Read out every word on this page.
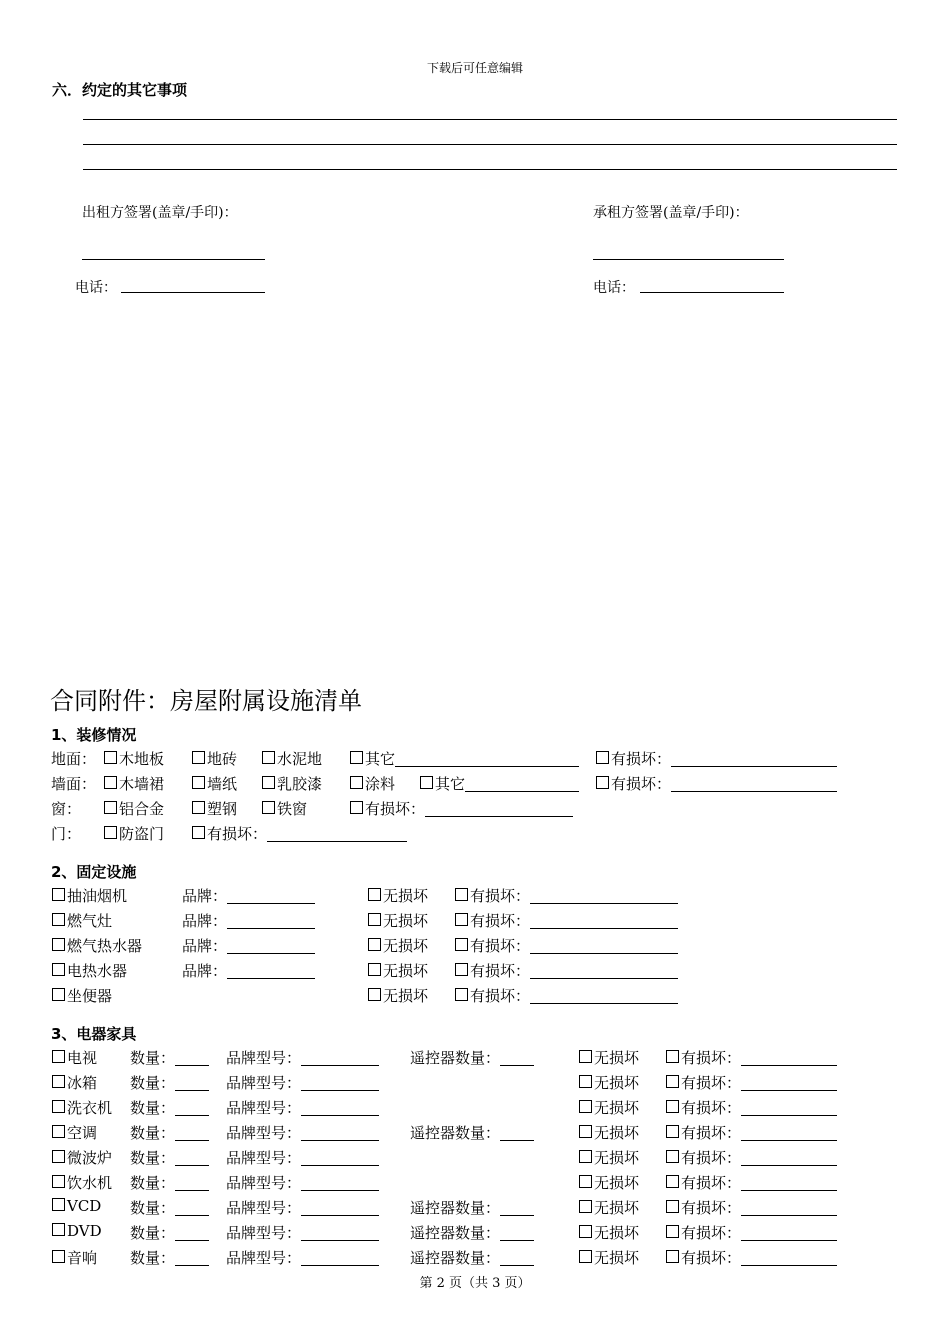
下载后可任意编辑
六．约定的其它事项
出租方签署(盖章/手印)：	承租方签署(盖章/手印)：
电话：	电话：
合同附件：房屋附属设施清单
1、装修情况
地面：	木地板	地砖	水泥地	其它	有损坏：
墙面：	木墙裙	墙纸	乳胶漆	涂料	其它	有损坏：
窗：	铝合金	塑钢	铁窗	有损坏：
门：	防盗门	有损坏：
2、固定设施
抽油烟机	品牌：	无损坏	有损坏：
燃气灶	品牌：	无损坏	有损坏：
燃气热水器	品牌：	无损坏	有损坏：
电热水器	品牌：	无损坏	有损坏：
坐便器	无损坏	有损坏：
3、电器家具
电视 数量：	品牌型号：	遥控器数量：	无损坏	有损坏：
冰箱 数量：	品牌型号：	无损坏	有损坏：
洗衣机 数量：	品牌型号：	无损坏	有损坏：
空调 数量：	品牌型号：	遥控器数量：	无损坏	有损坏：
微波炉 数量：	品牌型号：	无损坏	有损坏：
饮水机 数量：	品牌型号：	无损坏	有损坏：
VCD 数量：	品牌型号：	遥控器数量：	无损坏	有损坏：
DVD 数量：	品牌型号：	遥控器数量：	无损坏	有损坏：
音响 数量：	品牌型号：	遥控器数量：	无损坏	有损坏：
第 2 页（共 3 页）
